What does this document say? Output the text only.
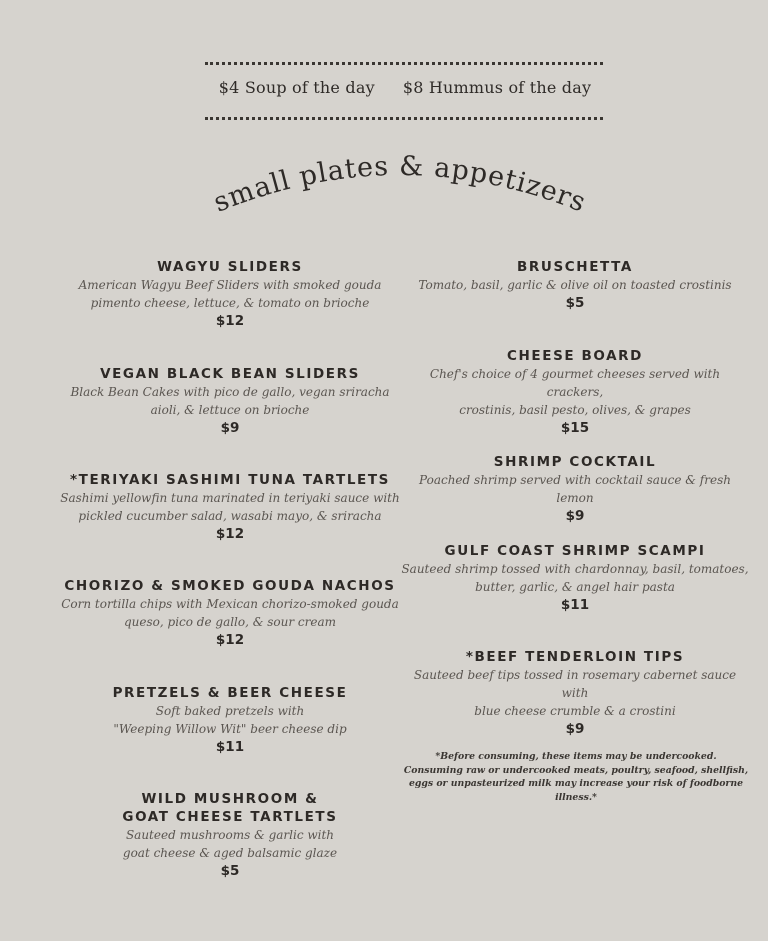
$4 Soup of the day $8 Hummus of the day
small plates & appetizers
WAGYU SLIDERS
American Wagyu Beef Sliders with smoked gouda
pimento cheese, lettuce, & tomato on brioche
$12
VEGAN BLACK BEAN SLIDERS
Black Bean Cakes with pico de gallo, vegan sriracha
aioli, & lettuce on brioche
$9
*TERIYAKI SASHIMI TUNA TARTLETS
Sashimi yellowfin tuna marinated in teriyaki sauce with
pickled cucumber salad, wasabi mayo, & sriracha
$12
CHORIZO & SMOKED GOUDA NACHOS
Corn tortilla chips with Mexican chorizo-smoked gouda
queso, pico de gallo, & sour cream
$12
PRETZELS & BEER CHEESE
Soft baked pretzels with
"Weeping Willow Wit" beer cheese dip
$11
WILD MUSHROOM &
GOAT CHEESE TARTLETS
Sauteed mushrooms & garlic with
goat cheese & aged balsamic glaze
$5
BRUSCHETTA
Tomato, basil, garlic & olive oil on toasted crostinis
$5
CHEESE BOARD
Chef's choice of 4 gourmet cheeses served with crackers,
crostinis, basil pesto, olives, & grapes
$15
SHRIMP COCKTAIL
Poached shrimp served with cocktail sauce & fresh lemon
$9
GULF COAST SHRIMP SCAMPI
Sauteed shrimp tossed with chardonnay, basil, tomatoes,
butter, garlic, & angel hair pasta
$11
*BEEF TENDERLOIN TIPS
Sauteed beef tips tossed in rosemary cabernet sauce with
blue cheese crumble & a crostini
$9
*Before consuming, these items may be undercooked.
Consuming raw or undercooked meats, poultry, seafood, shellfish,
eggs or unpasteurized milk may increase your risk of foodborne illness.*
